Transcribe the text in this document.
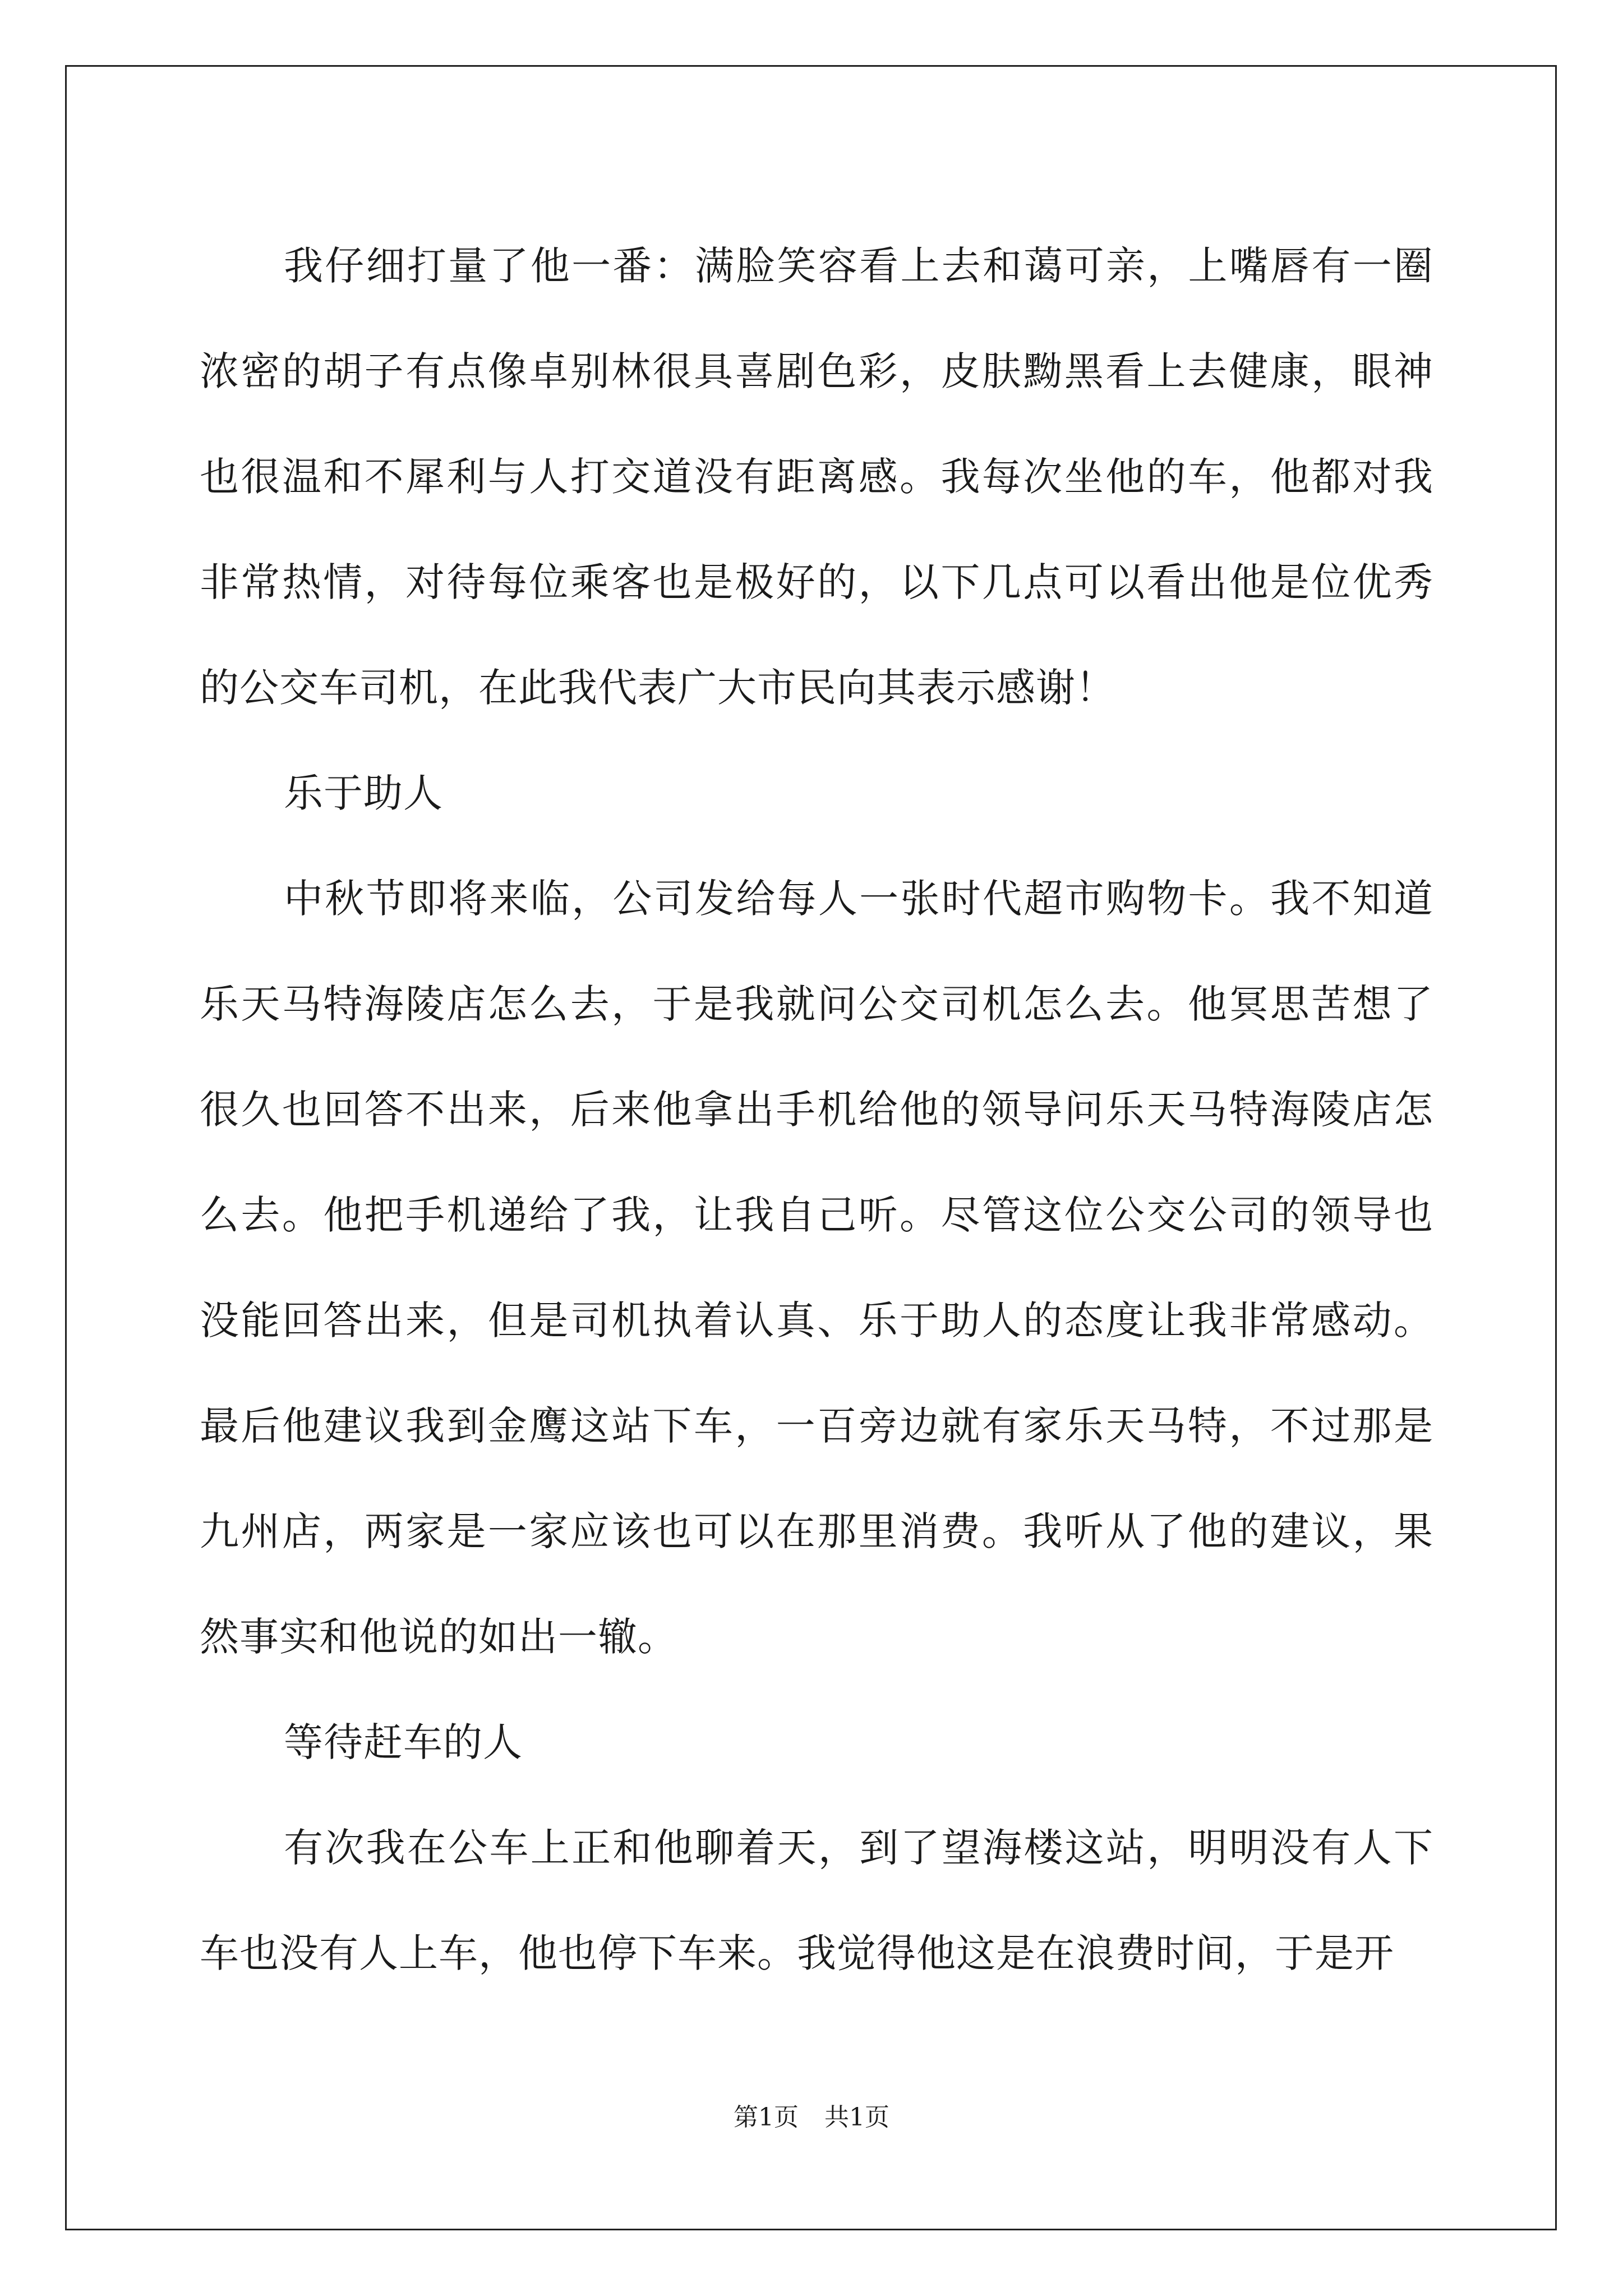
我仔细打量了他一番：满脸笑容看上去和蔼可亲，上嘴唇有一圈浓密的胡子有点像卓别林很具喜剧色彩，皮肤黝黑看上去健康，眼神也很温和不犀利与人打交道没有距离感。我每次坐他的车，他都对我非常热情，对待每位乘客也是极好的，以下几点可以看出他是位优秀的公交车司机，在此我代表广大市民向其表示感谢！

乐于助人

中秋节即将来临，公司发给每人一张时代超市购物卡。我不知道乐天马特海陵店怎么去，于是我就问公交司机怎么去。他冥思苦想了很久也回答不出来，后来他拿出手机给他的领导问乐天马特海陵店怎么去。他把手机递给了我，让我自己听。尽管这位公交公司的领导也没能回答出来，但是司机执着认真、乐于助人的态度让我非常感动。最后他建议我到金鹰这站下车，一百旁边就有家乐天马特，不过那是九州店，两家是一家应该也可以在那里消费。我听从了他的建议，果然事实和他说的如出一辙。

等待赶车的人

有次我在公车上正和他聊着天，到了望海楼这站，明明没有人下车也没有人上车，他也停下车来。我觉得他这是在浪费时间，于是开

第1页 共1页
